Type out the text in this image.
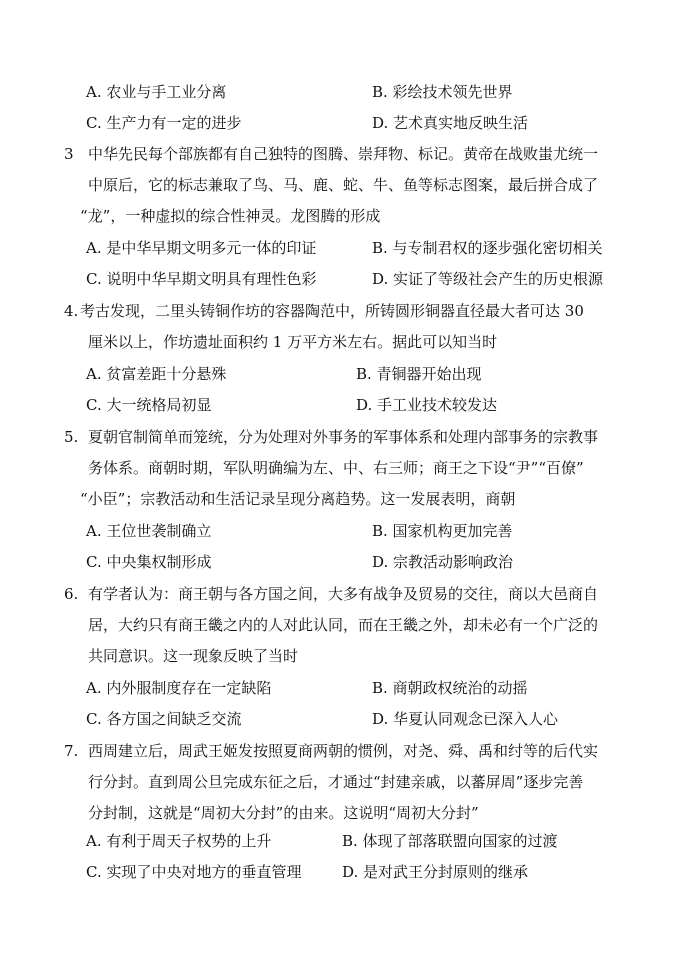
A. 农业与手工业分离	B. 彩绘技术领先世界
C. 生产力有一定的进步	D. 艺术真实地反映生活
3 中华先民每个部族都有自己独特的图腾、崇拜物、标记。黄帝在战败蚩尤统一
中原后，它的标志兼取了鸟、马、鹿、蛇、牛、鱼等标志图案，最后拼合成了
“龙”，一种虚拟的综合性神灵。龙图腾的形成
A. 是中华早期文明多元一体的印证	B. 与专制君权的逐步强化密切相关
C. 说明中华早期文明具有理性色彩	D. 实证了等级社会产生的历史根源
4. 考古发现，二里头铸铜作坊的容器陶范中，所铸圆形铜器直径最大者可达 30
厘米以上，作坊遗址面积约 1 万平方米左右。据此可以知当时
A. 贫富差距十分悬殊	B. 青铜器开始出现
C. 大一统格局初显	D. 手工业技术较发达
5. 夏朝官制简单而笼统，分为处理对外事务的军事体系和处理内部事务的宗教事
务体系。商朝时期，军队明确编为左、中、右三师；商王之下设“尹”“百僚”
“小臣”；宗教活动和生活记录呈现分离趋势。这一发展表明，商朝
A. 王位世袭制确立	B. 国家机构更加完善
C. 中央集权制形成	D. 宗教活动影响政治
6. 有学者认为：商王朝与各方国之间，大多有战争及贸易的交往，商以大邑商自
居，大约只有商王畿之内的人对此认同，而在王畿之外，却未必有一个广泛的
共同意识。这一现象反映了当时
A. 内外服制度存在一定缺陷	B. 商朝政权统治的动摇
C. 各方国之间缺乏交流	D. 华夏认同观念已深入人心
7. 西周建立后，周武王姬发按照夏商两朝的惯例，对尧、舜、禹和纣等的后代实
行分封。直到周公旦完成东征之后，才通过“封建亲戚，以蕃屏周”逐步完善
分封制，这就是“周初大分封”的由来。这说明“周初大分封”
A. 有利于周天子权势的上升	B. 体现了部落联盟向国家的过渡
C. 实现了中央对地方的垂直管理	D. 是对武王分封原则的继承
